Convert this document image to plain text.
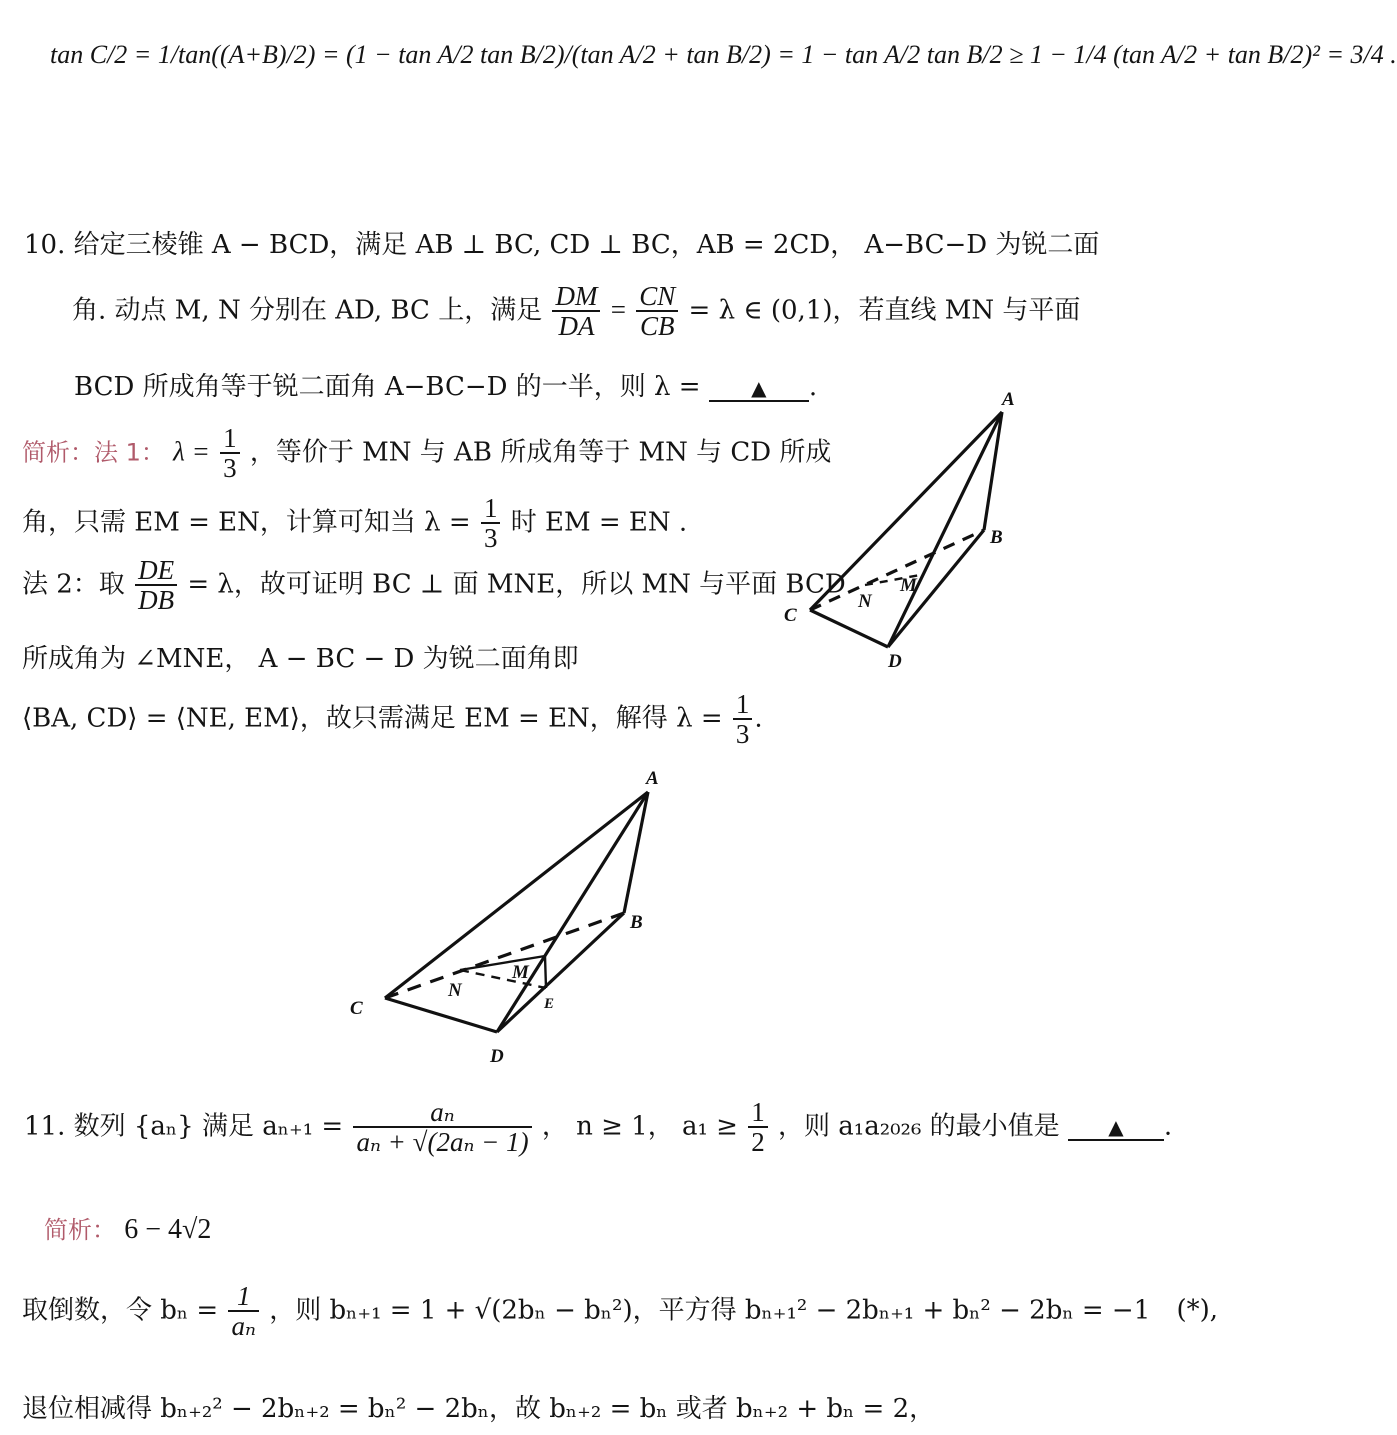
tan C/2 = 1/tan((A+B)/2) = (1 − tan A/2 tan B/2)/(tan A/2 + tan B/2) = 1 − tan A/2 tan B/2 ≥ 1 − 1/4 (tan A/2 + tan B/2)² = 3/4 .
10. 给定三棱锥 A − BCD，满足 AB ⊥ BC, CD ⊥ BC，AB = 2CD， A−BC−D 为锐二面
角. 动点 M, N 分别在 AD, BC 上，满足 $\frac{DM}{DA} = \frac{CN}{CB} = \lambda$ ∈ (0,1)，若直线 MN 与平面
BCD 所成角等于锐二面角 A−BC−D 的一半，则 λ =	▲ .
简析：法 1： $\lambda = \frac{1}{3}$ ，等价于 MN 与 AB 所成角等于 MN 与 CD 所成
角，只需 EM = EN，计算可知当 $\lambda = \frac{1}{3}$ 时 EM = EN .
法 2：取 $\frac{DE}{DB} = \lambda$，故可证明 BC ⊥ 面 MNE，所以 MN 与平面 BCD
所成角为 ∠MNE， A − BC − D 为锐二面角即
⟨BA, CD⟩ = ⟨NE, EM⟩，故只需满足 EM = EN，解得 $\lambda = \frac{1}{3}$ .
A
B
C
D
M
N
A
B
C
D
M
N
E
11. 数列 {aₙ} 满足 $a_{n+1} = \frac{\text{aₙ}}{\text{aₙ + √(2aₙ − 1)}}$ ， n ≥ 1， $a_1 \ge \frac{1}{2}$ ，则 a₁a₂₀₂₆ 的最小值是 ▲ .
简析： 6 − 4√2
取倒数，令 $b_n = \frac{1}{\text{aₙ}}$ ，则 bₙ₊₁ = 1 + √(2bₙ − bₙ²)，平方得 bₙ₊₁² − 2bₙ₊₁ + bₙ² − 2bₙ = −1 (*),
退位相减得 bₙ₊₂² − 2bₙ₊₂ = bₙ² − 2bₙ，故 bₙ₊₂ = bₙ 或者 bₙ₊₂ + bₙ = 2，
